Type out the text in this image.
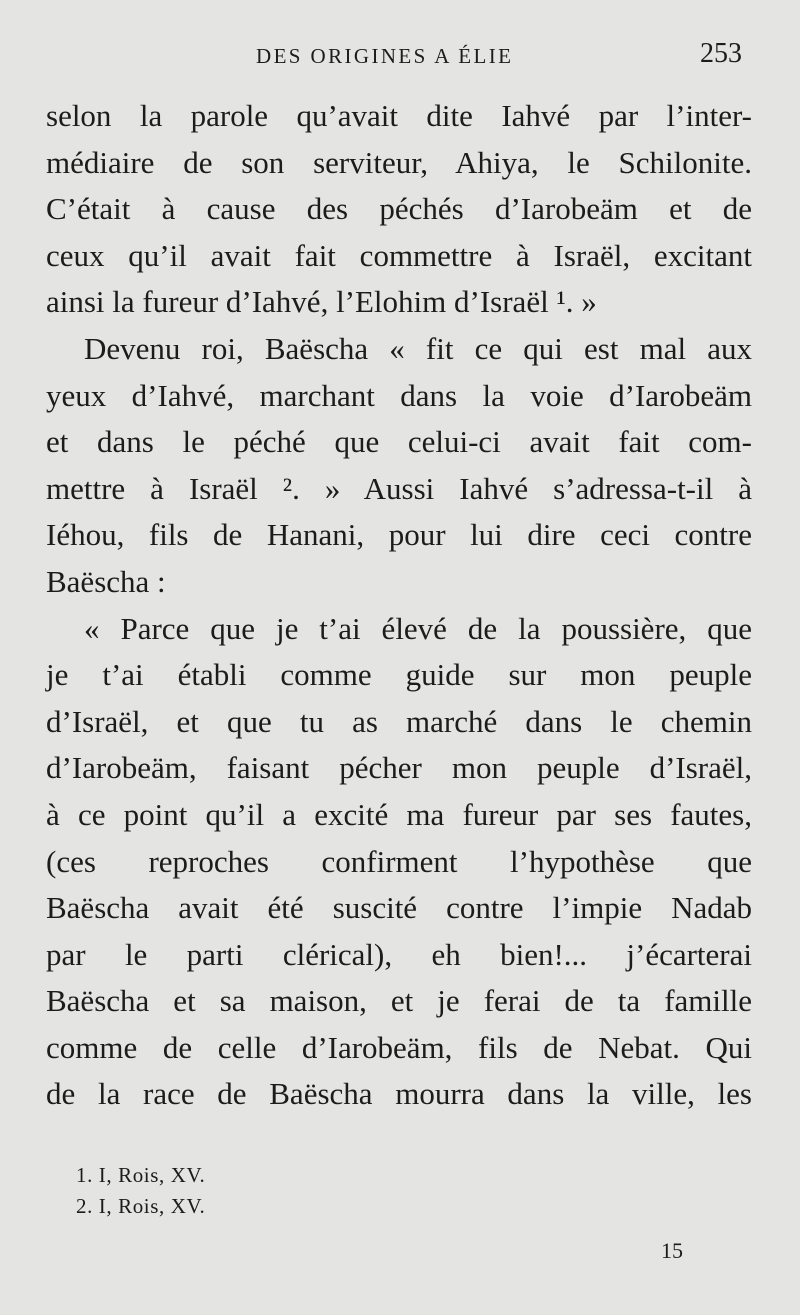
DES ORIGINES A ÉLIE	253
selon la parole qu’avait dite Iahvé par l’inter-
médiaire de son serviteur, Ahiya, le Schilonite.
C’était à cause des péchés d’Iarobeäm et de
ceux qu’il avait fait commettre à Israël, excitant
ainsi la fureur d’Iahvé, l’Elohim d’Israël ¹. »
Devenu roi, Baëscha « fit ce qui est mal aux
yeux d’Iahvé, marchant dans la voie d’Iarobeäm
et dans le péché que celui-ci avait fait com-
mettre à Israël ². » Aussi Iahvé s’adressa-t-il à
Iéhou, fils de Hanani, pour lui dire ceci contre
Baëscha :
« Parce que je t’ai élevé de la poussière, que
je t’ai établi comme guide sur mon peuple
d’Israël, et que tu as marché dans le chemin
d’Iarobeäm, faisant pécher mon peuple d’Israël,
à ce point qu’il a excité ma fureur par ses fautes,
(ces reproches confirment l’hypothèse que
Baëscha avait été suscité contre l’impie Nadab
par le parti clérical), eh bien!... j’écarterai
Baëscha et sa maison, et je ferai de ta famille
comme de celle d’Iarobeäm, fils de Nebat. Qui
de la race de Baëscha mourra dans la ville, les
1. I, Rois, XV.
2. I, Rois, XV.
15
